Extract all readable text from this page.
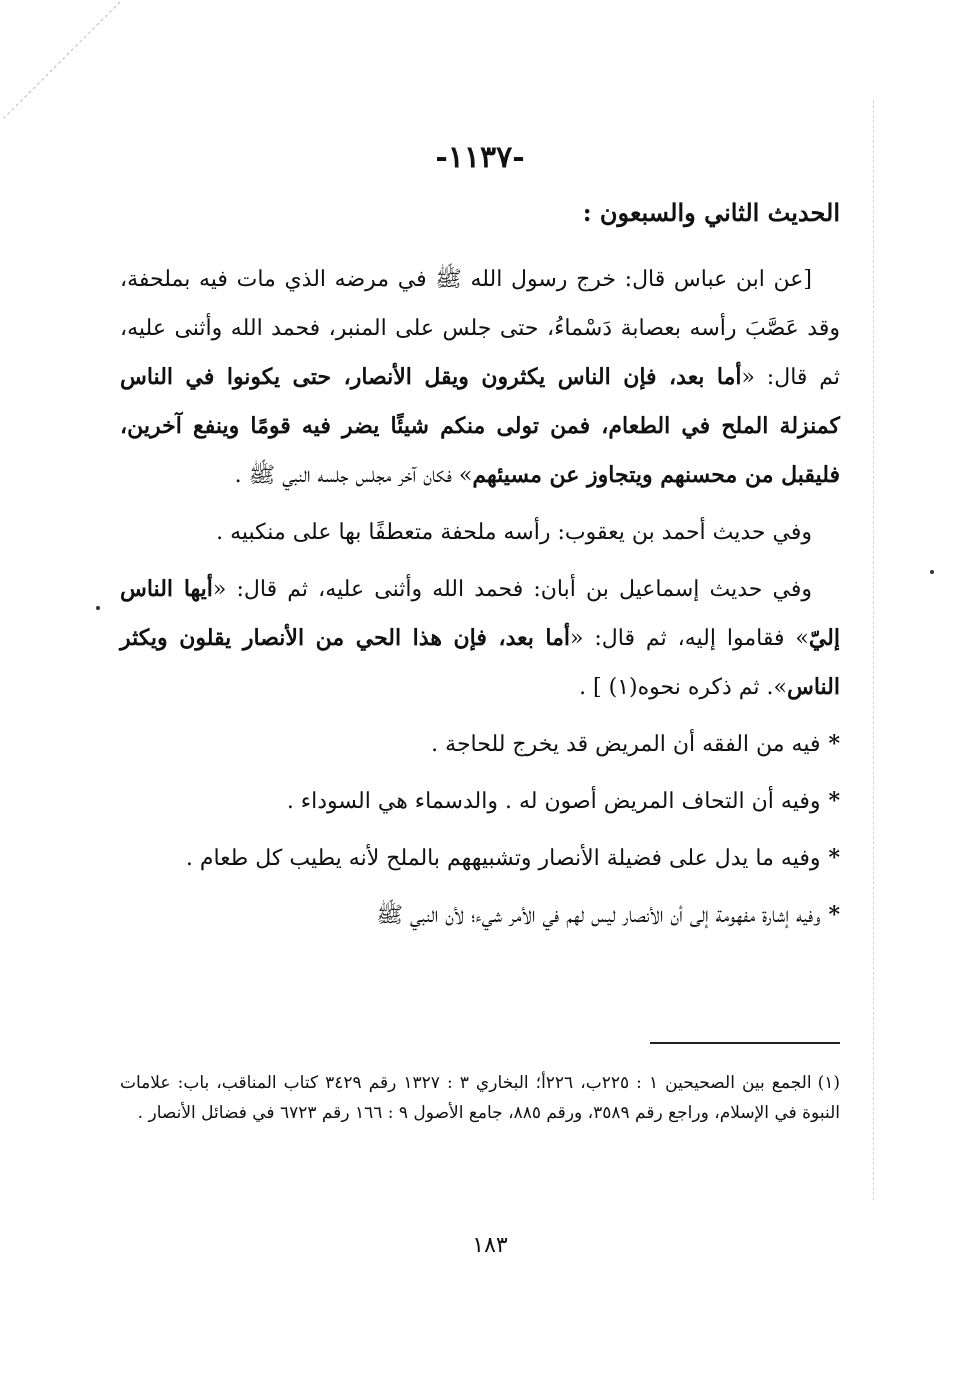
-١١٣٧-
الحديث الثاني والسبعون :

[عن ابن عباس قال: خرج رسول الله ﷺ في مرضه الذي مات فيه بملحفة، وقد عَصَّبَ رأسه بعصابة دَسْماءُ، حتى جلس على المنبر، فحمد الله وأثنى عليه، ثم قال: «أما بعد، فإن الناس يكثرون ويقل الأنصار، حتى يكونوا في الناس كمنزلة الملح في الطعام، فمن تولى منكم شيئًا يضر فيه قومًا وينفع آخرين، فليقبل من محسنهم ويتجاوز عن مسيئهم» فكان آخر مجلس جلسه النبي ﷺ .

وفي حديث أحمد بن يعقوب: رأسه ملحفة متعطفًا بها على منكبيه .

وفي حديث إسماعيل بن أبان: فحمد الله وأثنى عليه، ثم قال: «أيها الناس إليّ» فقاموا إليه، ثم قال: «أما بعد، فإن هذا الحي من الأنصار يقلون ويكثر الناس». ثم ذكره نحوه(١) ] .

*فيه من الفقه أن المريض قد يخرج للحاجة .
*وفيه أن التحاف المريض أصون له . والدسماء هي السوداء .
*وفيه ما يدل على فضيلة الأنصار وتشبيههم بالملح لأنه يطيب كل طعام .
*وفيه إشارة مفهومة إلى أن الأنصار ليس لهم في الأمر شيء؛ لأن النبي ﷺ
(١)الجمع بين الصحيحين ١ : ٢٢٥ب، ٢٢٦أ؛ البخاري ٣ : ١٣٢٧ رقم ٣٤٢٩ كتاب المناقب، باب: علامات النبوة في الإسلام، وراجع رقم ٣٥٨٩، ورقم ٨٨٥، جامع الأصول ٩ : ١٦٦ رقم ٦٧٢٣ في فضائل الأنصار .
١٨٣
